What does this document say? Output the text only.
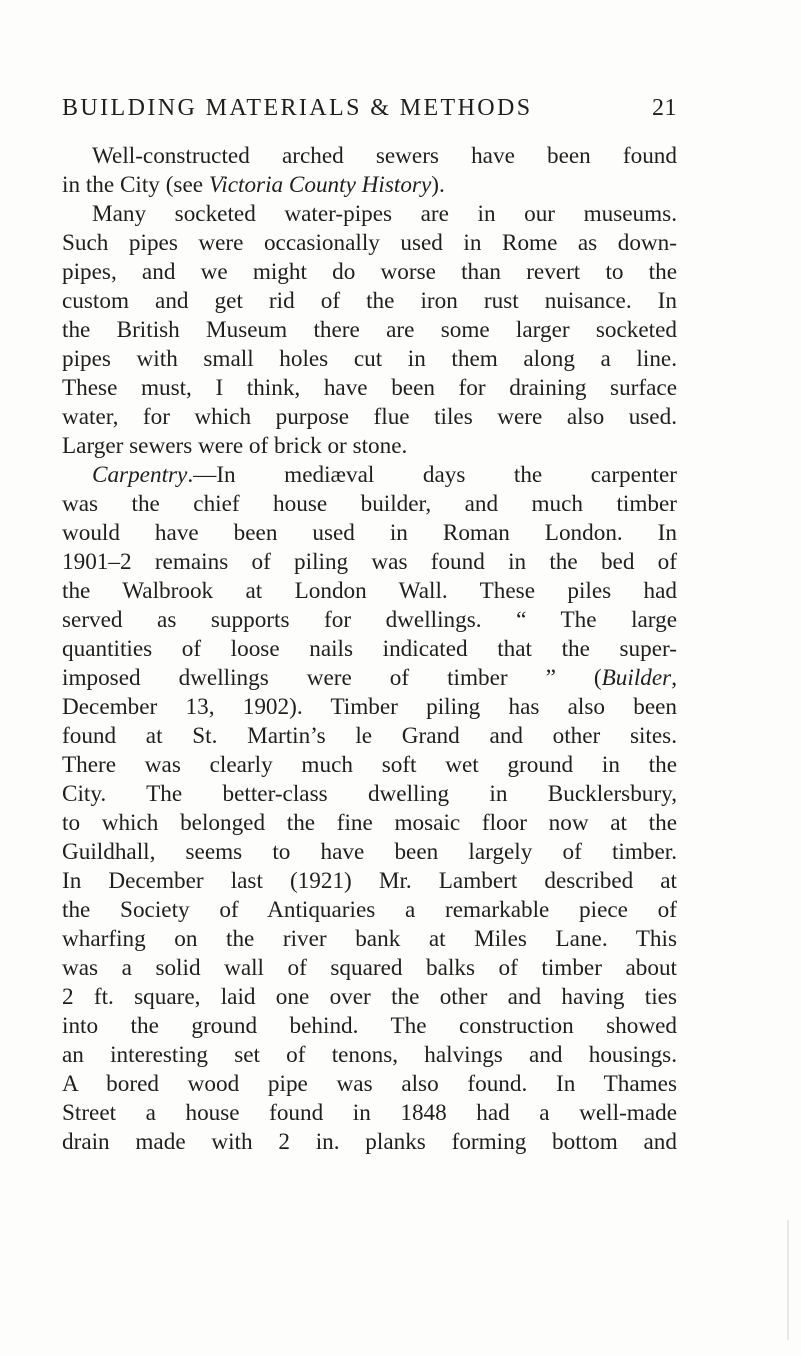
BUILDING MATERIALS & METHODS	21
Well-constructed arched sewers have been found
in the City (see Victoria County History).
Many socketed water-pipes are in our museums.
Such pipes were occasionally used in Rome as down-
pipes, and we might do worse than revert to the
custom and get rid of the iron rust nuisance. In
the British Museum there are some larger socketed
pipes with small holes cut in them along a line.
These must, I think, have been for draining surface
water, for which purpose flue tiles were also used.
Larger sewers were of brick or stone.
Carpentry.—In mediæval days the carpenter
was the chief house builder, and much timber
would have been used in Roman London. In
1901–2 remains of piling was found in the bed of
the Walbrook at London Wall. These piles had
served as supports for dwellings. “ The large
quantities of loose nails indicated that the super-
imposed dwellings were of timber ” (Builder,
December 13, 1902). Timber piling has also been
found at St. Martin’s le Grand and other sites.
There was clearly much soft wet ground in the
City. The better-class dwelling in Bucklersbury,
to which belonged the fine mosaic floor now at the
Guildhall, seems to have been largely of timber.
In December last (1921) Mr. Lambert described at
the Society of Antiquaries a remarkable piece of
wharfing on the river bank at Miles Lane. This
was a solid wall of squared balks of timber about
2 ft. square, laid one over the other and having ties
into the ground behind. The construction showed
an interesting set of tenons, halvings and housings.
A bored wood pipe was also found. In Thames
Street a house found in 1848 had a well-made
drain made with 2 in. planks forming bottom and
